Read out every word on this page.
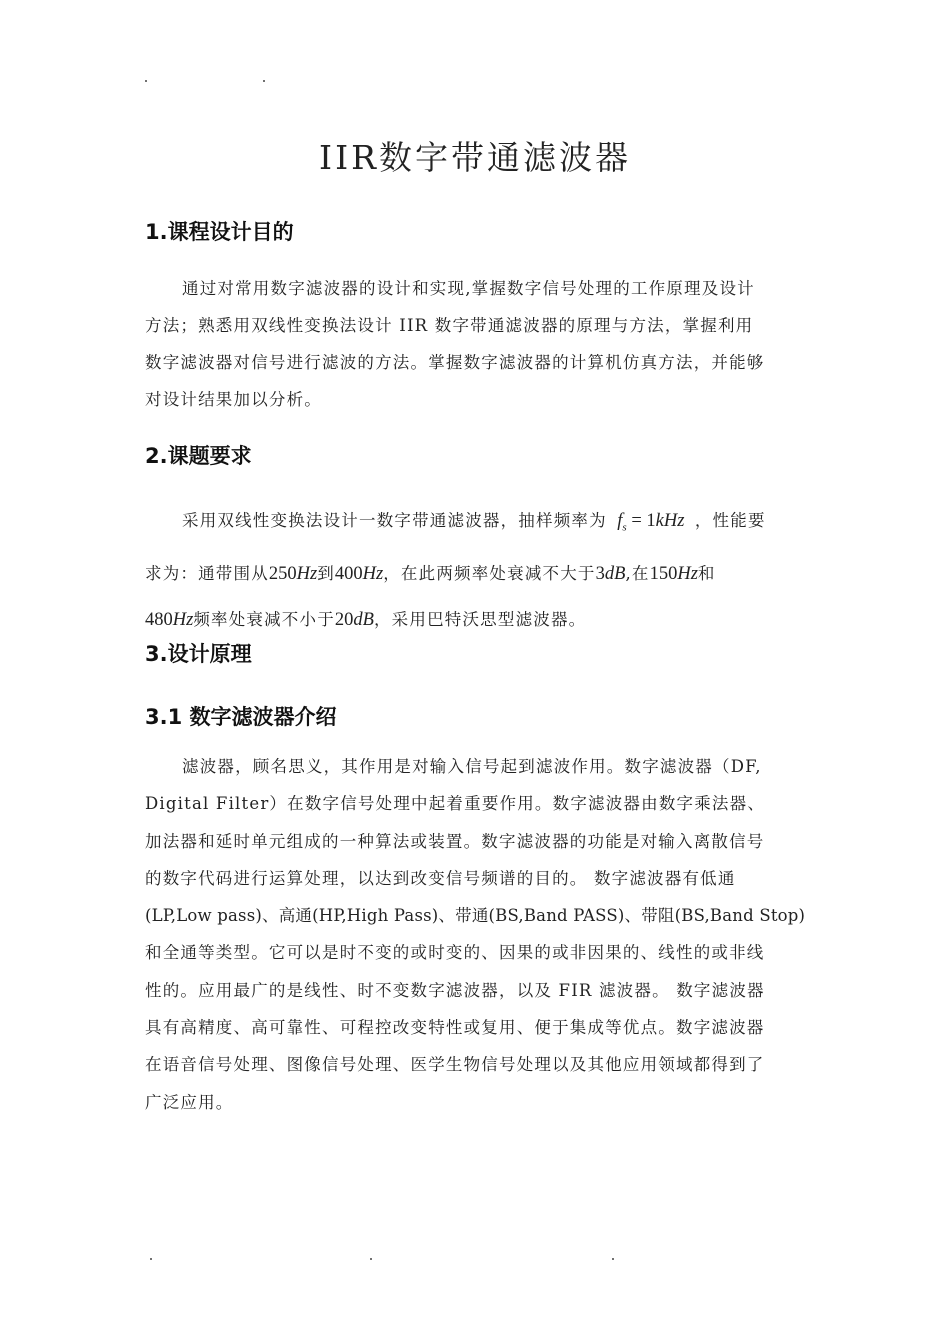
IIR数字带通滤波器
1.课程设计目的
通过对常用数字滤波器的设计和实现,掌握数字信号处理的工作原理及设计
方法；熟悉用双线性变换法设计 IIR 数字带通滤波器的原理与方法，掌握利用
数字滤波器对信号进行滤波的方法。掌握数字滤波器的计算机仿真方法，并能够
对设计结果加以分析。
2.课题要求
采用双线性变换法设计一数字带通滤波器，抽样频率为 $f_s = 1kHz$ ，性能要
求为：通带围从250Hz到400Hz，在此两频率处衰减不大于3dB,在150Hz和
480Hz频率处衰减不小于20dB，采用巴特沃思型滤波器。
3.设计原理
3.1 数字滤波器介绍
滤波器，顾名思义，其作用是对输入信号起到滤波作用。数字滤波器（DF,
Digital Filter）在数字信号处理中起着重要作用。数字滤波器由数字乘法器、
加法器和延时单元组成的一种算法或装置。数字滤波器的功能是对输入离散信号
的数字代码进行运算处理，以达到改变信号频谱的目的。 数字滤波器有低通
(LP,Low pass)、高通(HP,High Pass)、带通(BS,Band PASS)、带阻(BS,Band Stop)
和全通等类型。它可以是时不变的或时变的、因果的或非因果的、线性的或非线
性的。应用最广的是线性、时不变数字滤波器，以及 FIR 滤波器。 数字滤波器
具有高精度、高可靠性、可程控改变特性或复用、便于集成等优点。数字滤波器
在语音信号处理、图像信号处理、医学生物信号处理以及其他应用领域都得到了
广泛应用。
